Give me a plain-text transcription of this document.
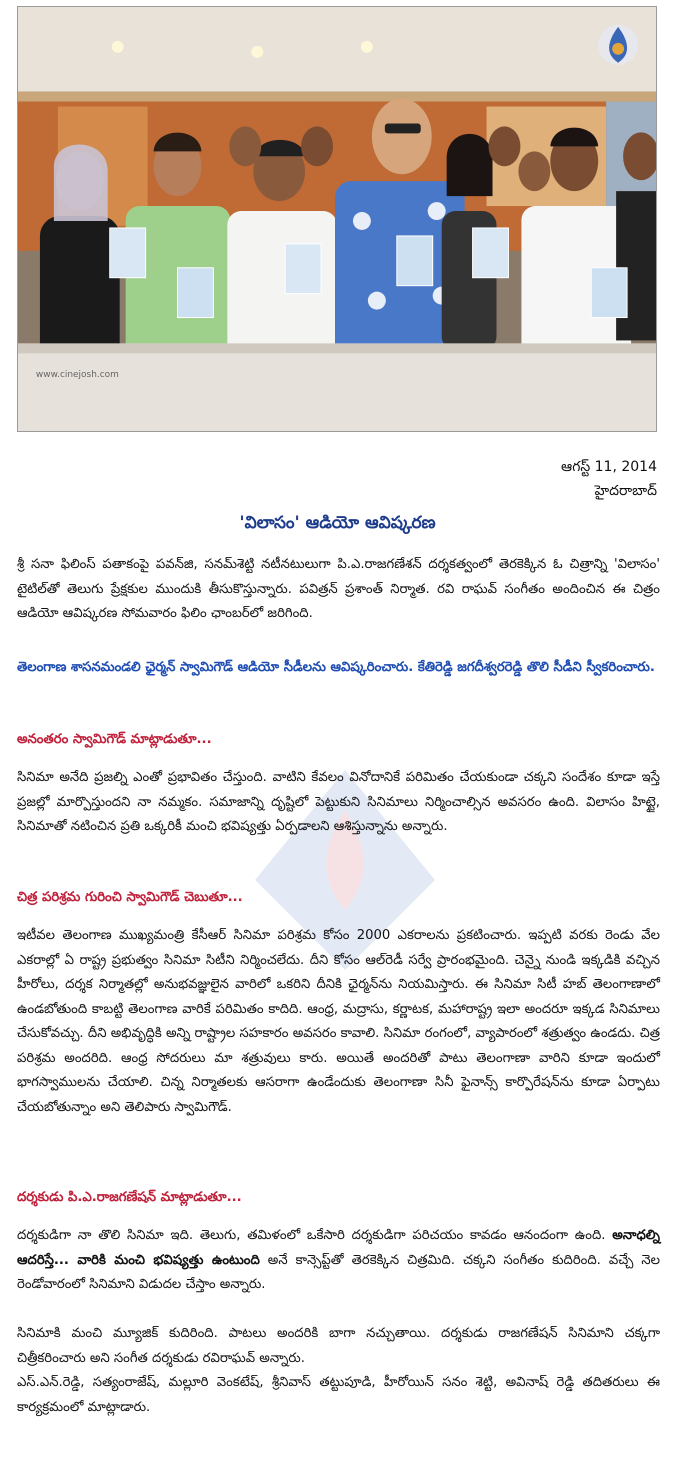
www.cinejosh.com
ఆగస్ట్ 11, 2014
హైదరాబాద్
'విలాసం' ఆడియో ఆవిష్కరణ

శ్రీ సనా ఫిలింస్ పతాకంపై పవన్‌జి, సనమ్‌శెట్టి నటీనటులుగా పి.ఎ.రాజగణేశన్ దర్శకత్వంలో తెరకెక్కిన ఓ చిత్రాన్ని 'విలాసం' టైటిల్‌తో తెలుగు ప్రేక్షకుల ముందుకి తీసుకొస్తున్నారు. పవిత్రన్ ప్రశాంత్ నిర్మాత. రవి రాఘవ్ సంగీతం అందించిన ఈ చిత్రం ఆడియో ఆవిష్కరణ సోమవారం ఫిలిం ఛాంబర్‌లో జరిగింది.

తెలంగాణ శాసనమండలి ఛైర్మన్ స్వామిగౌడ్ ఆడియో సీడీలను ఆవిష్కరించారు. కేతిరెడ్డి జగదీశ్వరరెడ్డి తొలి సీడీని స్వీకరించారు.

అనంతరం స్వామిగౌడ్ మాట్లాడుతూ...

సినిమా అనేది ప్రజల్ని ఎంతో ప్రభావితం చేస్తుంది. వాటిని కేవలం వినోదానికే పరిమితం చేయకుండా చక్కని సందేశం కూడా ఇస్తే ప్రజల్లో మార్పొస్తుందని నా నమ్మకం. సమాజాన్ని దృష్టిలో పెట్టుకుని సినిమాలు నిర్మించాల్సిన అవసరం ఉంది. విలాసం హిట్టై, సినిమాతో నటించిన ప్రతి ఒక్కరికీ మంచి భవిష్యత్తు ఏర్పడాలని ఆశిస్తున్నాను అన్నారు.

చిత్ర పరిశ్రమ గురించి స్వామిగౌడ్ చెబుతూ...

ఇటీవల తెలంగాణ ముఖ్యమంత్రి కేసీఆర్ సినిమా పరిశ్రమ కోసం 2000 ఎకరాలను ప్రకటించారు. ఇప్పటి వరకు రెండు వేల ఎకరాల్లో ఏ రాష్ట్ర ప్రభుత్వం సినిమా సిటీని నిర్మించలేదు. దీని కోసం ఆల్‌రెడీ సర్వే ప్రారంభమైంది. చెన్నై నుండి ఇక్కడికి వచ్చిన హీరోలు, దర్శక నిర్మాతల్లో అనుభవజ్ఞులైన వారిలో ఒకరిని దీనికి ఛైర్మన్‌ను నియమిస్తారు. ఈ సినిమా సిటీ హబ్ తెలంగాణాలో ఉండబోతుంది కాబట్టి తెలంగాణ వారికే పరిమితం కాదిది. ఆంధ్ర, మద్రాసు, కర్ణాటక, మహారాష్ట్ర ఇలా అందరూ ఇక్కడ సినిమాలు చేసుకోవచ్చు. దీని అభివృద్ధికి అన్ని రాష్ట్రాల సహకారం అవసరం కావాలి. సినిమా రంగంలో, వ్యాపారంలో శత్రుత్వం ఉండదు. చిత్ర పరిశ్రమ అందరిది. ఆంధ్ర సోదరులు మా శత్రువులు కారు. అయితే అందరితో పాటు తెలంగాణా వారిని కూడా ఇందులో భాగస్వాములను చేయాలి. చిన్న నిర్మాతలకు ఆసరాగా ఉండేందుకు తెలంగాణా సినీ ఫైనాన్స్ కార్పొరేషన్‌ను కూడా ఏర్పాటు చేయబోతున్నాం అని తెలిపారు స్వామిగౌడ్.

దర్శకుడు పి.ఎ.రాజగణేషన్ మాట్లాడుతూ...

దర్శకుడిగా నా తొలి సినిమా ఇది. తెలుగు, తమిళంలో ఒకేసారి దర్శకుడిగా పరిచయం కావడం ఆనందంగా ఉంది. అనాధల్ని ఆదరిస్తే... వారికి మంచి భవిష్యత్తు ఉంటుంది అనే కాన్సెప్ట్‌తో తెరకెక్కిన చిత్రమిది. చక్కని సంగీతం కుదిరింది. వచ్చే నెల రెండోవారంలో సినిమాని విడుదల చేస్తాం అన్నారు.

సినిమాకి మంచి మ్యూజిక్ కుదిరింది. పాటలు అందరికి బాగా నచ్చుతాయి. దర్శకుడు రాజగణేషన్ సినిమాని చక్కగా చిత్రీకరించారు అని సంగీత దర్శకుడు రవిరాఘవ్ అన్నారు.

ఎస్.ఎన్.రెడ్డి, సత్యంరాజేష్, మల్లూరి వెంకటేష్, శ్రీనివాస్ తట్టుపూడి, హీరోయిన్ సనం శెట్టి, అవినాష్ రెడ్డి తదితరులు ఈ కార్యక్రమంలో మాట్లాడారు.
